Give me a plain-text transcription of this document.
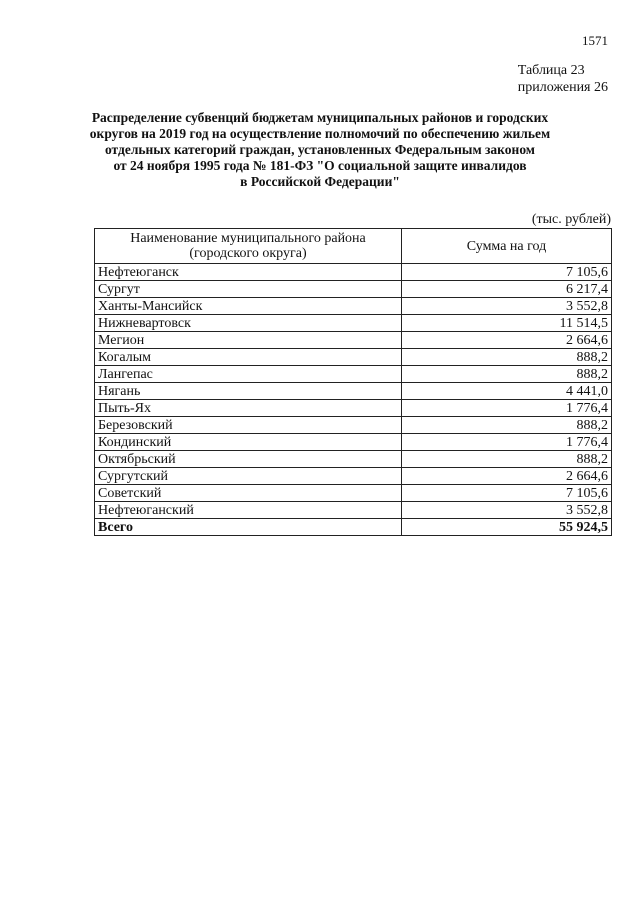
1571
Таблица 23
приложения 26
Распределение субвенций бюджетам муниципальных районов и городских
округов на 2019 год на осуществление полномочий по обеспечению жильем
отдельных категорий граждан, установленных Федеральным законом
от 24 ноября 1995 года № 181-ФЗ "О социальной защите инвалидов
в Российской Федерации"
(тыс. рублей)
Наименование муниципального района
(городского округа)	Сумма на год
Нефтеюганск	7 105,6
Сургут	6 217,4
Ханты-Мансийск	3 552,8
Нижневартовск	11 514,5
Мегион	2 664,6
Когалым	888,2
Лангепас	888,2
Нягань	4 441,0
Пыть-Ях	1 776,4
Березовский	888,2
Кондинский	1 776,4
Октябрьский	888,2
Сургутский	2 664,6
Советский	7 105,6
Нефтеюганский	3 552,8
Всего	55 924,5
